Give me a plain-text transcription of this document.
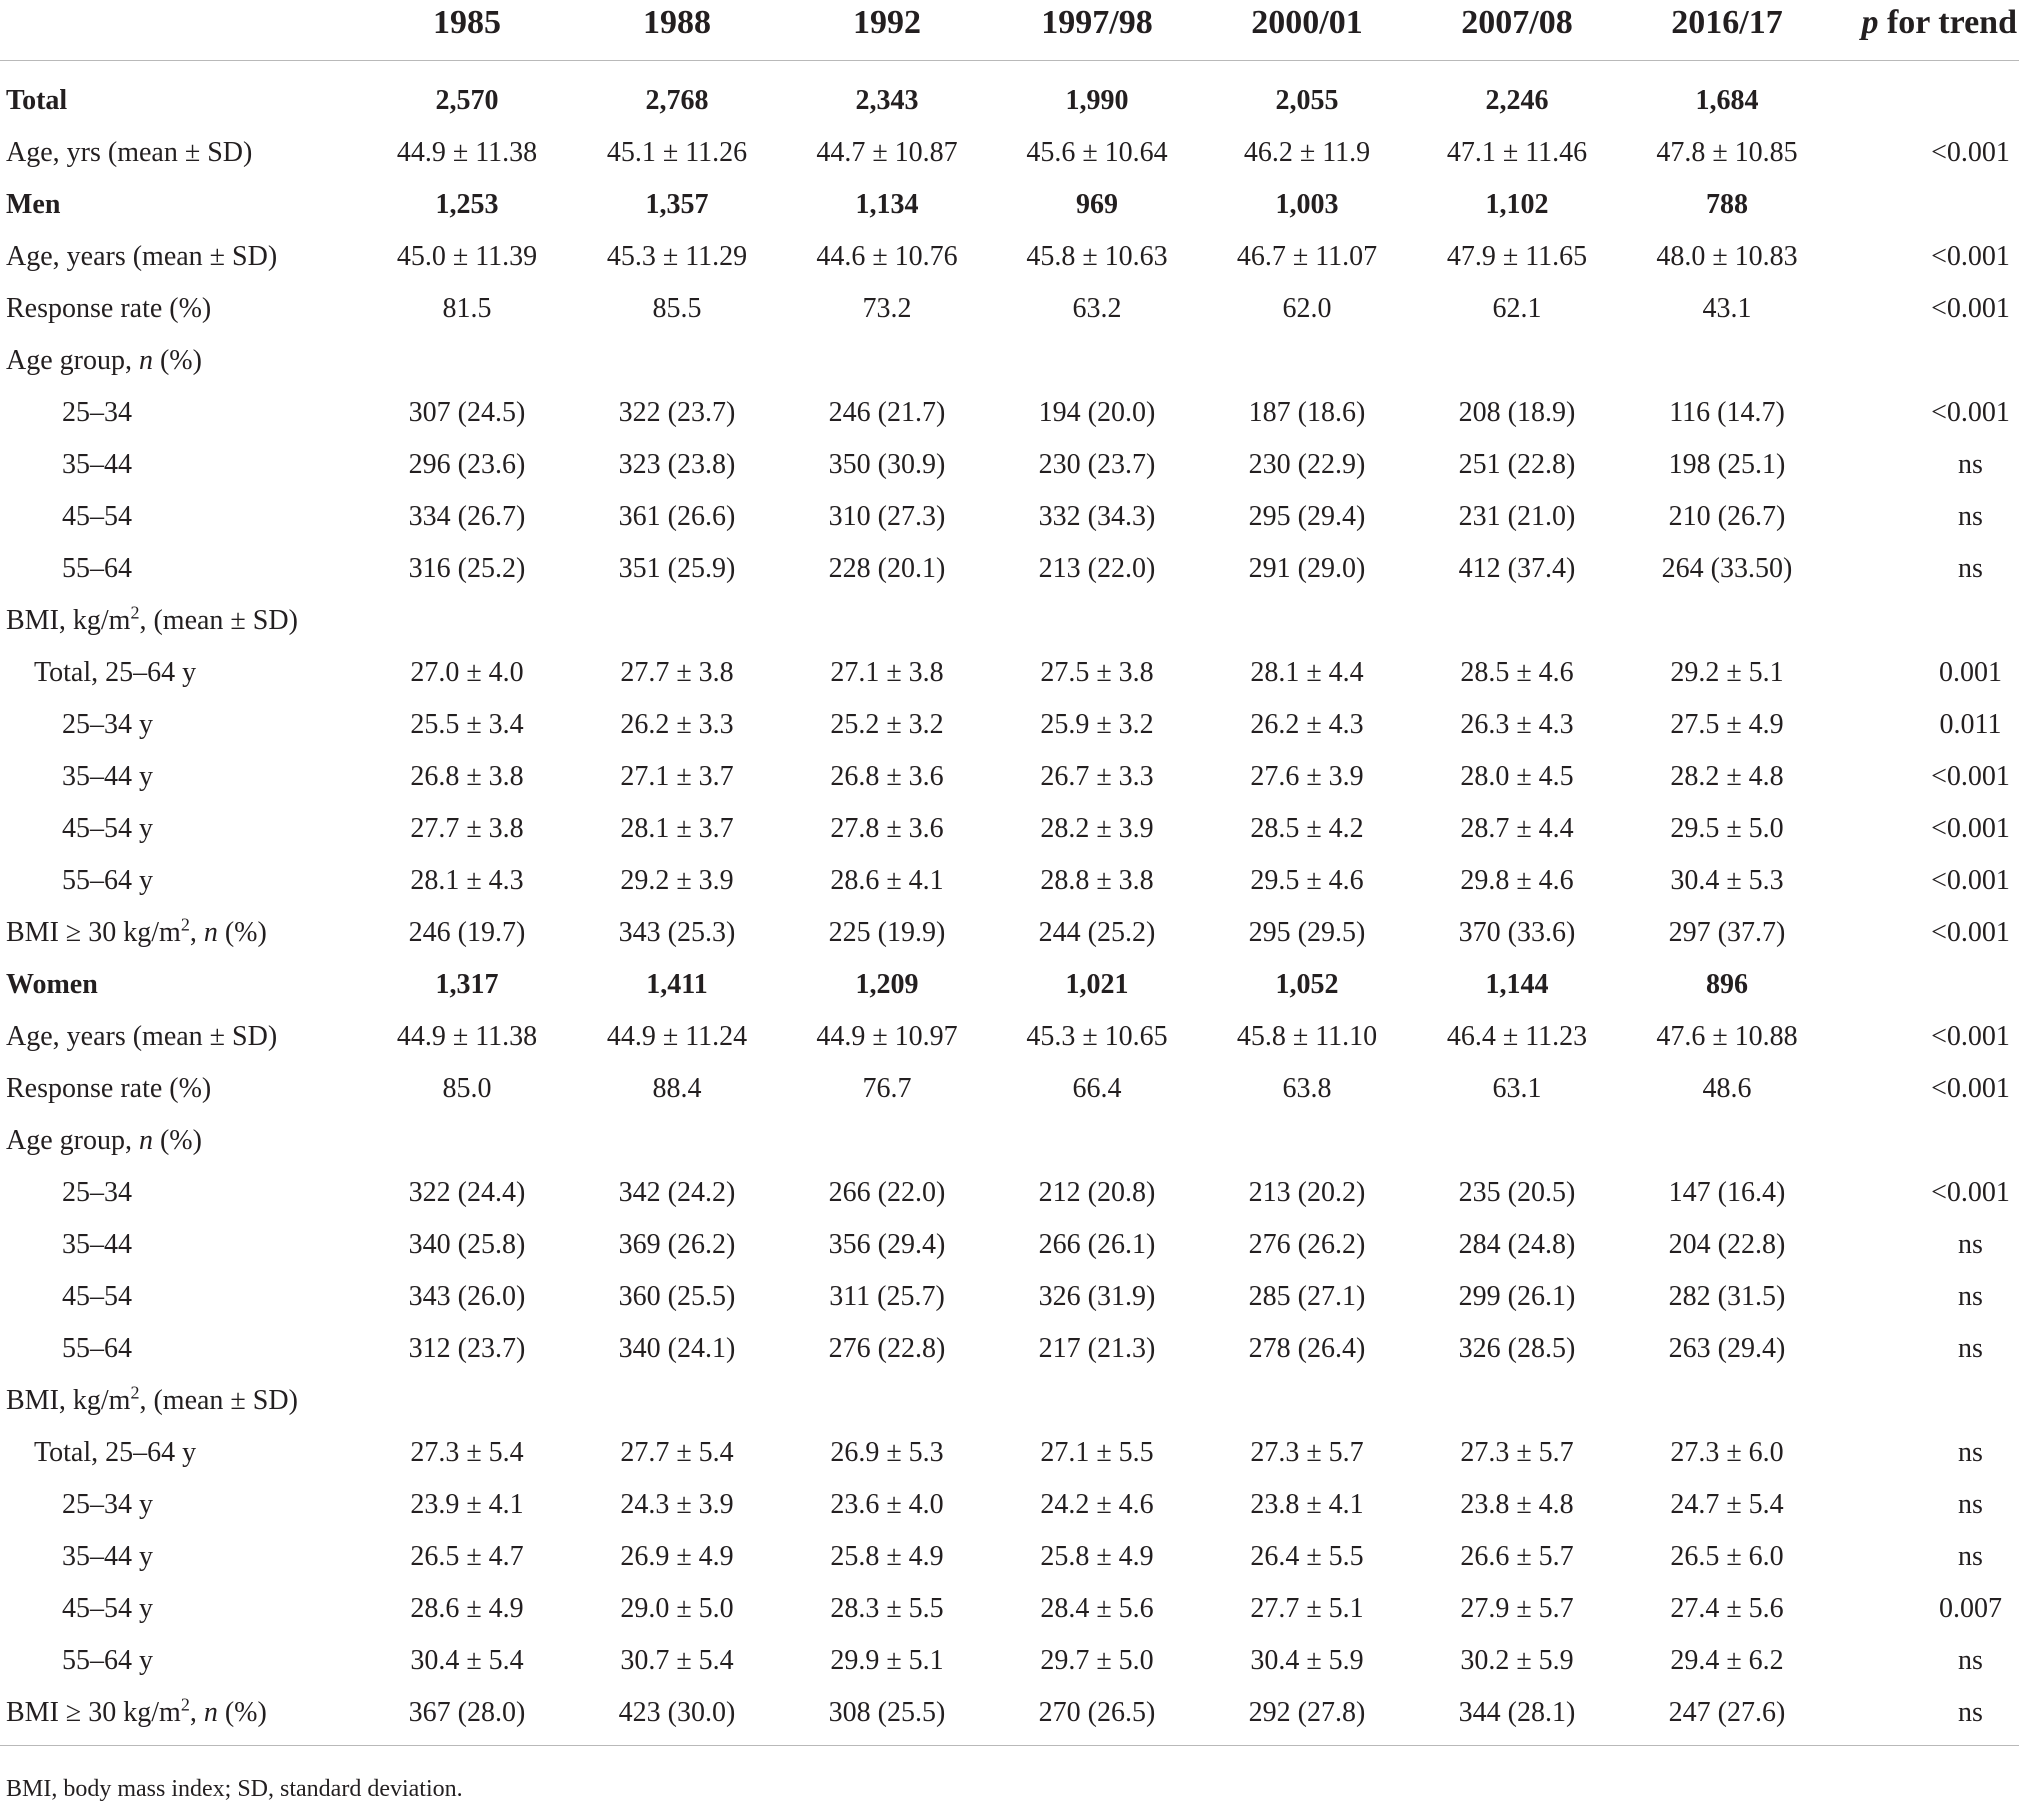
	1985	1988	1992	1997/98	2000/01	2007/08	2016/17	p for trend
Total	2,570	2,768	2,343	1,990	2,055	2,246	1,684	
Age, yrs (mean ± SD)	44.9 ± 11.38	45.1 ± 11.26	44.7 ± 10.87	45.6 ± 10.64	46.2 ± 11.9	47.1 ± 11.46	47.8 ± 10.85	<0.001
Men	1,253	1,357	1,134	969	1,003	1,102	788	
Age, years (mean ± SD)	45.0 ± 11.39	45.3 ± 11.29	44.6 ± 10.76	45.8 ± 10.63	46.7 ± 11.07	47.9 ± 11.65	48.0 ± 10.83	<0.001
Response rate (%)	81.5	85.5	73.2	63.2	62.0	62.1	43.1	<0.001
Age group, n (%)								
25–34	307 (24.5)	322 (23.7)	246 (21.7)	194 (20.0)	187 (18.6)	208 (18.9)	116 (14.7)	<0.001
35–44	296 (23.6)	323 (23.8)	350 (30.9)	230 (23.7)	230 (22.9)	251 (22.8)	198 (25.1)	ns
45–54	334 (26.7)	361 (26.6)	310 (27.3)	332 (34.3)	295 (29.4)	231 (21.0)	210 (26.7)	ns
55–64	316 (25.2)	351 (25.9)	228 (20.1)	213 (22.0)	291 (29.0)	412 (37.4)	264 (33.50)	ns
BMI, $kg/m^2$, (mean ± SD)								
Total, 25–64 y	27.0 ± 4.0	27.7 ± 3.8	27.1 ± 3.8	27.5 ± 3.8	28.1 ± 4.4	28.5 ± 4.6	29.2 ± 5.1	0.001
25–34 y	25.5 ± 3.4	26.2 ± 3.3	25.2 ± 3.2	25.9 ± 3.2	26.2 ± 4.3	26.3 ± 4.3	27.5 ± 4.9	0.011
35–44 y	26.8 ± 3.8	27.1 ± 3.7	26.8 ± 3.6	26.7 ± 3.3	27.6 ± 3.9	28.0 ± 4.5	28.2 ± 4.8	<0.001
45–54 y	27.7 ± 3.8	28.1 ± 3.7	27.8 ± 3.6	28.2 ± 3.9	28.5 ± 4.2	28.7 ± 4.4	29.5 ± 5.0	<0.001
55–64 y	28.1 ± 4.3	29.2 ± 3.9	28.6 ± 4.1	28.8 ± 3.8	29.5 ± 4.6	29.8 ± 4.6	30.4 ± 5.3	<0.001
BMI ≥ 30 $kg/m^2$, n (%)	246 (19.7)	343 (25.3)	225 (19.9)	244 (25.2)	295 (29.5)	370 (33.6)	297 (37.7)	<0.001
Women	1,317	1,411	1,209	1,021	1,052	1,144	896	
Age, years (mean ± SD)	44.9 ± 11.38	44.9 ± 11.24	44.9 ± 10.97	45.3 ± 10.65	45.8 ± 11.10	46.4 ± 11.23	47.6 ± 10.88	<0.001
Response rate (%)	85.0	88.4	76.7	66.4	63.8	63.1	48.6	<0.001
Age group, n (%)								
25–34	322 (24.4)	342 (24.2)	266 (22.0)	212 (20.8)	213 (20.2)	235 (20.5)	147 (16.4)	<0.001
35–44	340 (25.8)	369 (26.2)	356 (29.4)	266 (26.1)	276 (26.2)	284 (24.8)	204 (22.8)	ns
45–54	343 (26.0)	360 (25.5)	311 (25.7)	326 (31.9)	285 (27.1)	299 (26.1)	282 (31.5)	ns
55–64	312 (23.7)	340 (24.1)	276 (22.8)	217 (21.3)	278 (26.4)	326 (28.5)	263 (29.4)	ns
BMI, $kg/m^2$, (mean ± SD)								
Total, 25–64 y	27.3 ± 5.4	27.7 ± 5.4	26.9 ± 5.3	27.1 ± 5.5	27.3 ± 5.7	27.3 ± 5.7	27.3 ± 6.0	ns
25–34 y	23.9 ± 4.1	24.3 ± 3.9	23.6 ± 4.0	24.2 ± 4.6	23.8 ± 4.1	23.8 ± 4.8	24.7 ± 5.4	ns
35–44 y	26.5 ± 4.7	26.9 ± 4.9	25.8 ± 4.9	25.8 ± 4.9	26.4 ± 5.5	26.6 ± 5.7	26.5 ± 6.0	ns
45–54 y	28.6 ± 4.9	29.0 ± 5.0	28.3 ± 5.5	28.4 ± 5.6	27.7 ± 5.1	27.9 ± 5.7	27.4 ± 5.6	0.007
55–64 y	30.4 ± 5.4	30.7 ± 5.4	29.9 ± 5.1	29.7 ± 5.0	30.4 ± 5.9	30.2 ± 5.9	29.4 ± 6.2	ns
BMI ≥ 30 $kg/m^2$, n (%)	367 (28.0)	423 (30.0)	308 (25.5)	270 (26.5)	292 (27.8)	344 (28.1)	247 (27.6)	ns
BMI, body mass index; SD, standard deviation.
